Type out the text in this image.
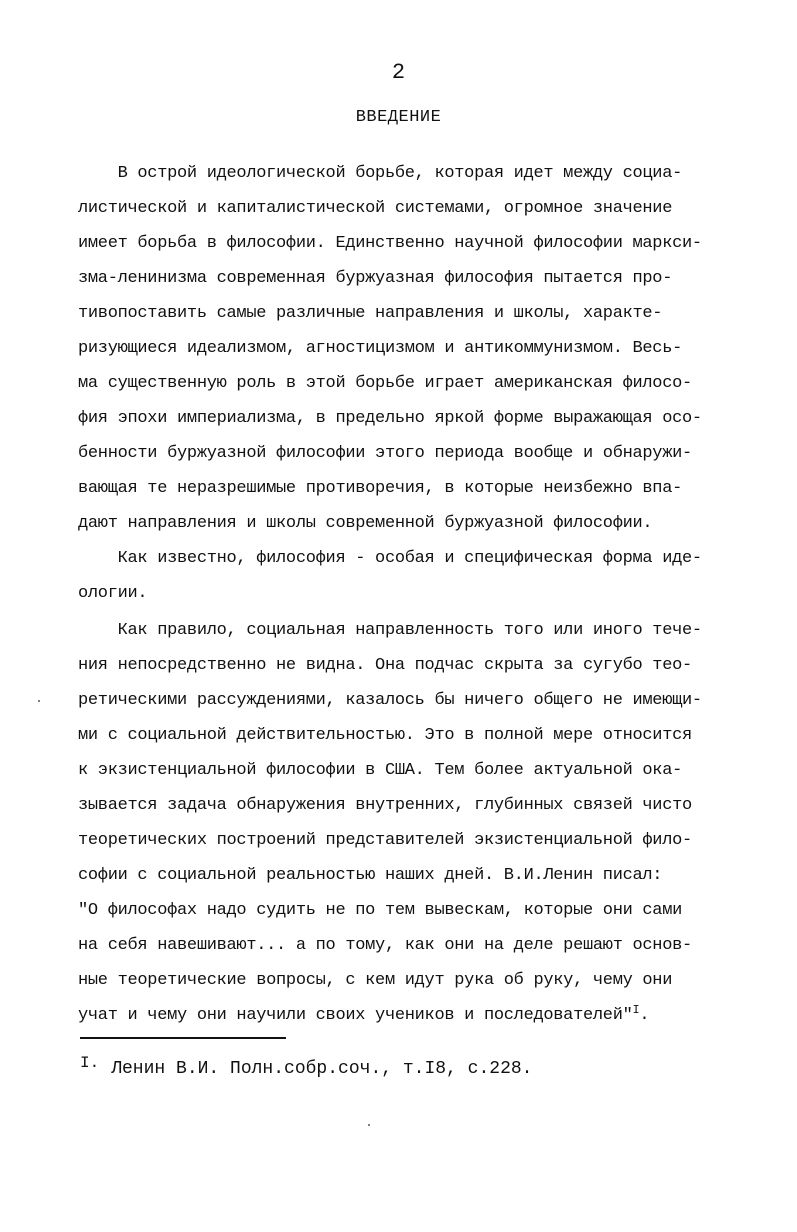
2
ВВЕДЕНИЕ
В острой идеологической борьбе, которая идет между социа-
листической и капиталистической системами, огромное значение
имеет борьба в философии. Единственно научной философии маркси-
зма-ленинизма современная буржуазная философия пытается про-
тивопоставить самые различные направления и школы, характе-
ризующиеся идеализмом, агностицизмом и антикоммунизмом. Весь-
ма существенную роль в этой борьбе играет американская филосо-
фия эпохи империализма, в предельно яркой форме выражающая осо-
бенности буржуазной философии этого периода вообще и обнаружи-
вающая те неразрешимые противоречия, в которые неизбежно впа-
дают направления и школы современной буржуазной философии.
Как известно, философия - особая и специфическая форма иде-
ологии.
Как правило, социальная направленность того или иного тече-
ния непосредственно не видна. Она подчас скрыта за сугубо тео-
ретическими рассуждениями, казалось бы ничего общего не имеющи-
ми с социальной действительностью. Это в полной мере относится
к экзистенциальной философии в США. Тем более актуальной ока-
зывается задача обнаружения внутренних, глубинных связей чисто
теоретических построений представителей экзистенциальной фило-
софии с социальной реальностью наших дней. В.И.Ленин писал:
"О философах надо судить не по тем вывескам, которые они сами
на себя навешивают... а по тому, как они на деле решают основ-
ные теоретические вопросы, с кем идут рука об руку, чему они
учат и чему они научили своих учеников и последователей"$^I$.
I. Ленин В.И. Полн.собр.соч., т.I8, с.228.
